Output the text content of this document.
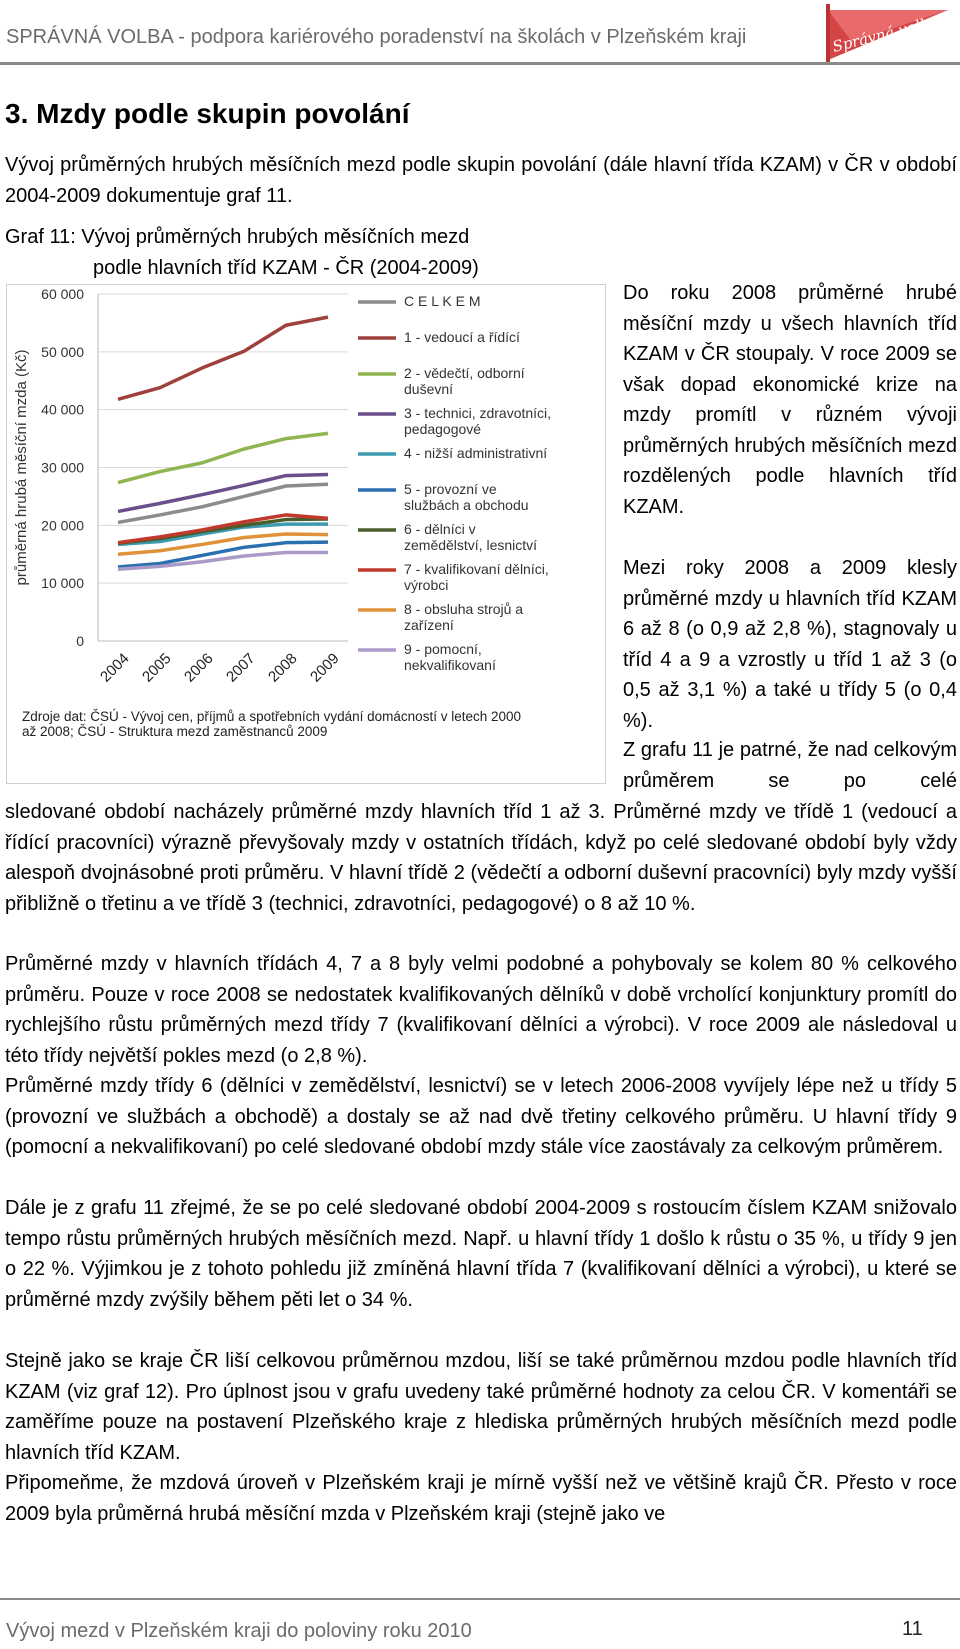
SPRÁVNÁ VOLBA - podpora kariérového poradenství na školách v Plzeňském kraji	Správná volba
3. Mzdy podle skupin povolání

Vývoj průměrných hrubých měsíčních mezd podle skupin povolání (dále hlavní třída KZAM) v ČR v období 2004-2009 dokumentuje graf 11.

Graf 11: Vývoj průměrných hrubých měsíčních mezd
podle hlavních tříd KZAM - ČR (2004-2009)
0
10 000
20 000
30 000
40 000
50 000
60 000
průměrná hrubá měsíční mzda (Kč)
2004 2005 2006 2007 2008 2009
C E L K E M
1 - vedoucí a řídící
2 - vědečtí, odborní
duševní
3 - technici, zdravotníci,
pedagogové
4 - nižší administrativní
5 - provozní ve
službách a obchodu
6 - dělníci v
zemědělství, lesnictví
7 - kvalifikovaní dělníci,
výrobci
8 - obsluha strojů a
zařízení
9 - pomocní,
nekvalifikovaní
Zdroje dat: ČSÚ - Vývoj cen, příjmů a spotřebních vydání domácností v letech 2000
až 2008; ČSÚ - Struktura mezd zaměstnanců 2009

Do roku 2008 průměrné hrubé měsíční mzdy u všech hlavních tříd KZAM v ČR stoupaly. V roce 2009 se však dopad ekonomické krize na mzdy promítl v různém vývoji průměrných hrubých měsíčních mezd rozdělených podle hlavních tříd KZAM.

Mezi roky 2008 a 2009 klesly průměrné mzdy u hlavních tříd KZAM 6 až 8 (o 0,9 až 2,8 %), stagnovaly u tříd 4 a 9 a vzrostly u tříd 1 až 3 (o 0,5 až 3,1 %) a také u třídy 5 (o 0,4 %).

Z grafu 11 je patrné, že nad celkovým průměrem se po celé

sledované období nacházely průměrné mzdy hlavních tříd 1 až 3. Průměrné mzdy ve třídě 1 (vedoucí a řídící pracovníci) výrazně převyšovaly mzdy v ostatních třídách, když po celé sledované období byly vždy alespoň dvojnásobné proti průměru. V hlavní třídě 2 (vědečtí a odborní duševní pracovníci) byly mzdy vyšší přibližně o třetinu a ve třídě 3 (technici, zdravotníci, pedagogové) o 8 až 10 %.

Průměrné mzdy v hlavních třídách 4, 7 a 8 byly velmi podobné a pohybovaly se kolem 80 % celkového průměru. Pouze v roce 2008 se nedostatek kvalifikovaných dělníků v době vrcholící konjunktury promítl do rychlejšího růstu průměrných mezd třídy 7 (kvalifikovaní dělníci a výrobci). V roce 2009 ale následoval u této třídy největší pokles mezd (o 2,8 %).

Průměrné mzdy třídy 6 (dělníci v zemědělství, lesnictví) se v letech 2006-2008 vyvíjely lépe než u třídy 5 (provozní ve službách a obchodě) a dostaly se až nad dvě třetiny celkového průměru. U hlavní třídy 9 (pomocní a nekvalifikovaní) po celé sledované období mzdy stále více zaostávaly za celkovým průměrem.

Dále je z grafu 11 zřejmé, že se po celé sledované období 2004-2009 s rostoucím číslem KZAM snižovalo tempo růstu průměrných hrubých měsíčních mezd. Např. u hlavní třídy 1 došlo k růstu o 35 %, u třídy 9 jen o 22 %. Výjimkou je z tohoto pohledu již zmíněná hlavní třída 7 (kvalifikovaní dělníci a výrobci), u které se průměrné mzdy zvýšily během pěti let o 34 %.

Stejně jako se kraje ČR liší celkovou průměrnou mzdou, liší se také průměrnou mzdou podle hlavních tříd KZAM (viz graf 12). Pro úplnost jsou v grafu uvedeny také průměrné hodnoty za celou ČR. V komentáři se zaměříme pouze na postavení Plzeňského kraje z hlediska průměrných hrubých měsíčních mezd podle hlavních tříd KZAM.

Připomeňme, že mzdová úroveň v Plzeňském kraji je mírně vyšší než ve většině krajů ČR. Přesto v roce 2009 byla průměrná hrubá měsíční mzda v Plzeňském kraji (stejně jako ve

Vývoj mezd v Plzeňském kraji do poloviny roku 2010	11
